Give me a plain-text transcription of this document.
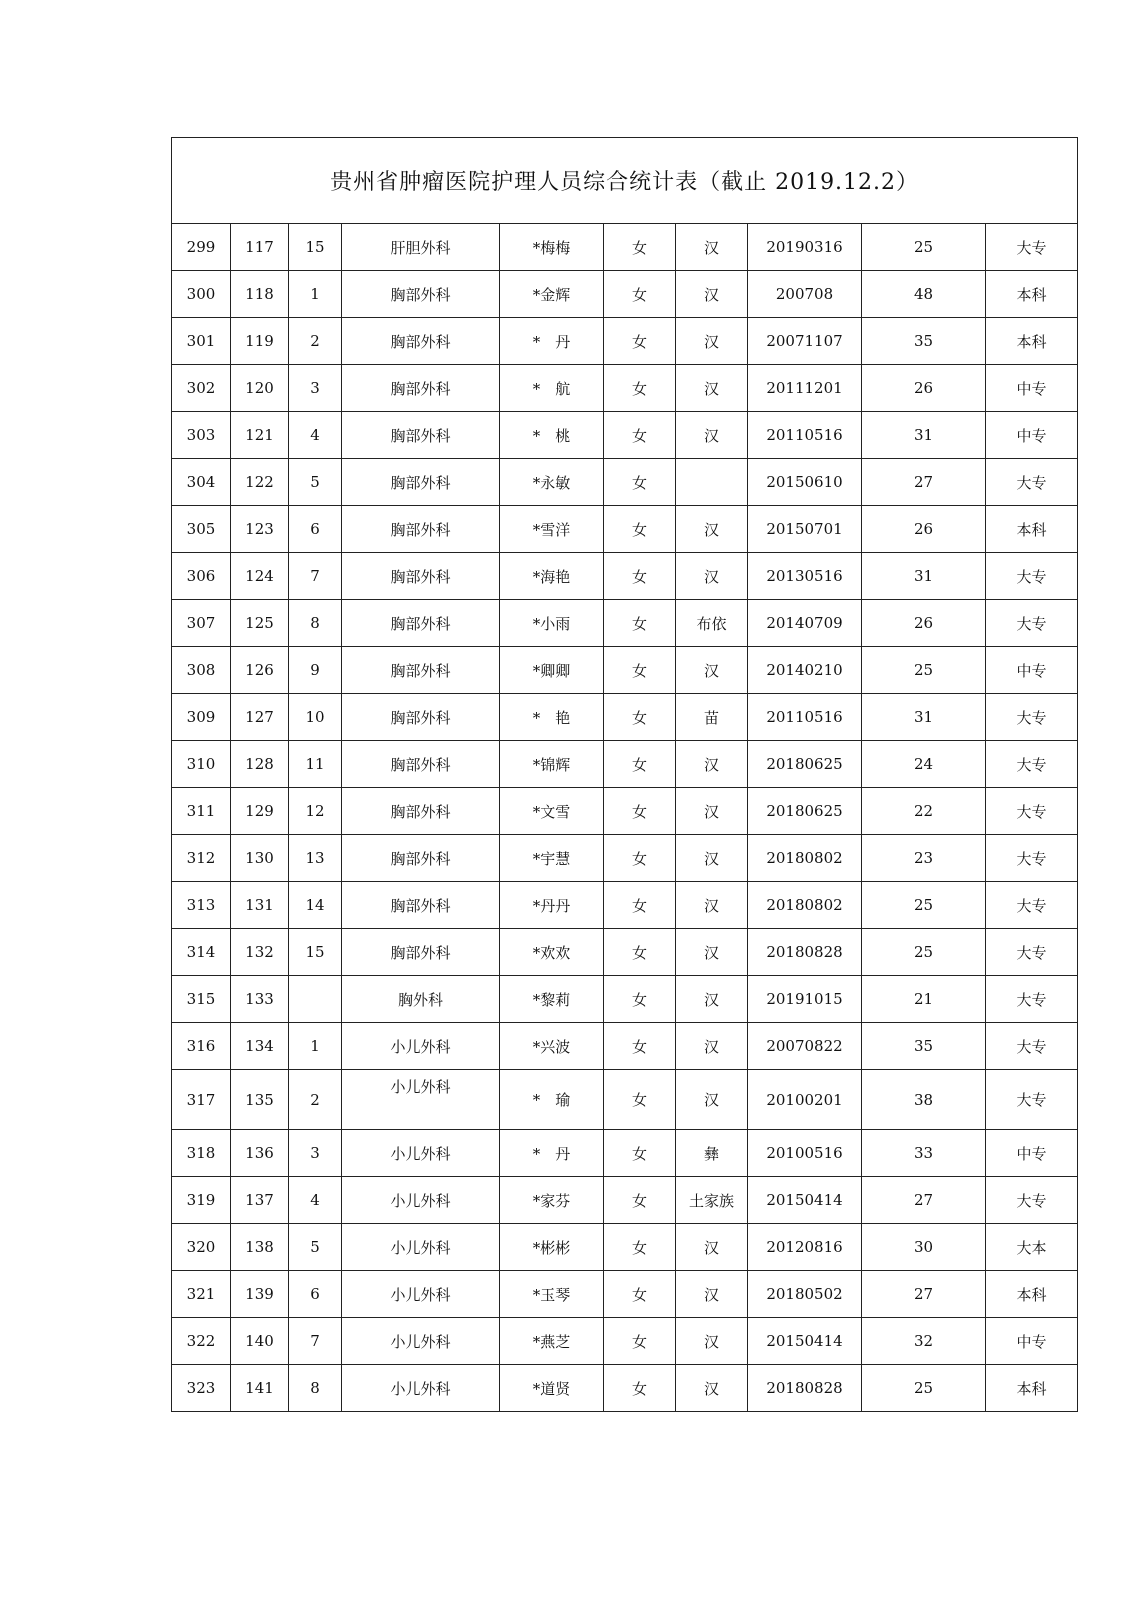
贵州省肿瘤医院护理人员综合统计表（截止 2019.12.2）									
299	117	15	肝胆外科	*梅梅	女	汉	20190316	25	大专
300	118	1	胸部外科	*金辉	女	汉	200708	48	本科
301	119	2	胸部外科	*　丹	女	汉	20071107	35	本科
302	120	3	胸部外科	*　航	女	汉	20111201	26	中专
303	121	4	胸部外科	*　桃	女	汉	20110516	31	中专
304	122	5	胸部外科	*永敏	女		20150610	27	大专
305	123	6	胸部外科	*雪洋	女	汉	20150701	26	本科
306	124	7	胸部外科	*海艳	女	汉	20130516	31	大专
307	125	8	胸部外科	*小雨	女	布依	20140709	26	大专
308	126	9	胸部外科	*卿卿	女	汉	20140210	25	中专
309	127	10	胸部外科	*　艳	女	苗	20110516	31	大专
310	128	11	胸部外科	*锦辉	女	汉	20180625	24	大专
311	129	12	胸部外科	*文雪	女	汉	20180625	22	大专
312	130	13	胸部外科	*宇慧	女	汉	20180802	23	大专
313	131	14	胸部外科	*丹丹	女	汉	20180802	25	大专
314	132	15	胸部外科	*欢欢	女	汉	20180828	25	大专
315	133		胸外科	*黎莉	女	汉	20191015	21	大专
316	134	1	小儿外科	*兴波	女	汉	20070822	35	大专
317	135	2	小儿外科	*　瑜	女	汉	20100201	38	大专
318	136	3	小儿外科	*　丹	女	彝	20100516	33	中专
319	137	4	小儿外科	*家芬	女	土家族	20150414	27	大专
320	138	5	小儿外科	*彬彬	女	汉	20120816	30	大本
321	139	6	小儿外科	*玉琴	女	汉	20180502	27	本科
322	140	7	小儿外科	*燕芝	女	汉	20150414	32	中专
323	141	8	小儿外科	*道贤	女	汉	20180828	25	本科
